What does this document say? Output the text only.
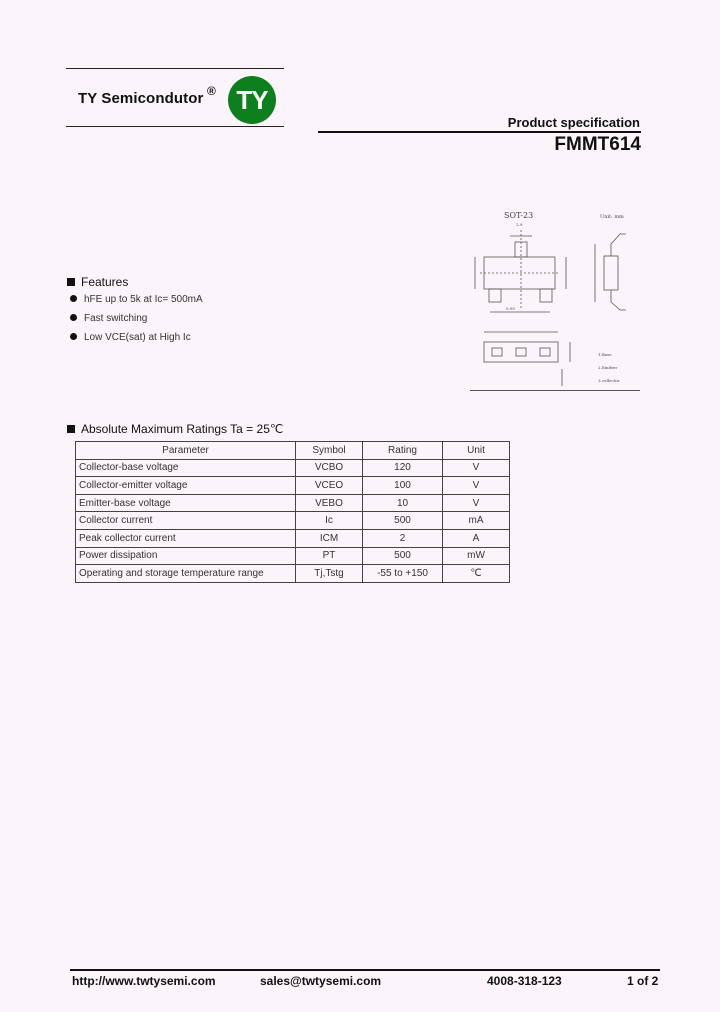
TY Semicondutor ® TY
Product specification
FMMT614
SOT-23	Unit: mm
2.9
0.95
1.Base
2.Emitter
3.collector
Features
hFE up to 5k at Ic= 500mA
Fast switching
Low VCE(sat) at High Ic
Absolute Maximum Ratings Ta = 25℃
Parameter	Symbol	Rating	Unit
Collector-base voltage	VCBO	120	V
Collector-emitter voltage	VCEO	100	V
Emitter-base voltage	VEBO	10	V
Collector current	Ic	500	mA
Peak collector current	ICM	2	A
Power dissipation	PT	500	mW
Operating and storage temperature range	Tj,Tstg	-55 to +150	℃
http://www.twtysemi.com	sales@twtysemi.com	4008-318-123	1 of 2
